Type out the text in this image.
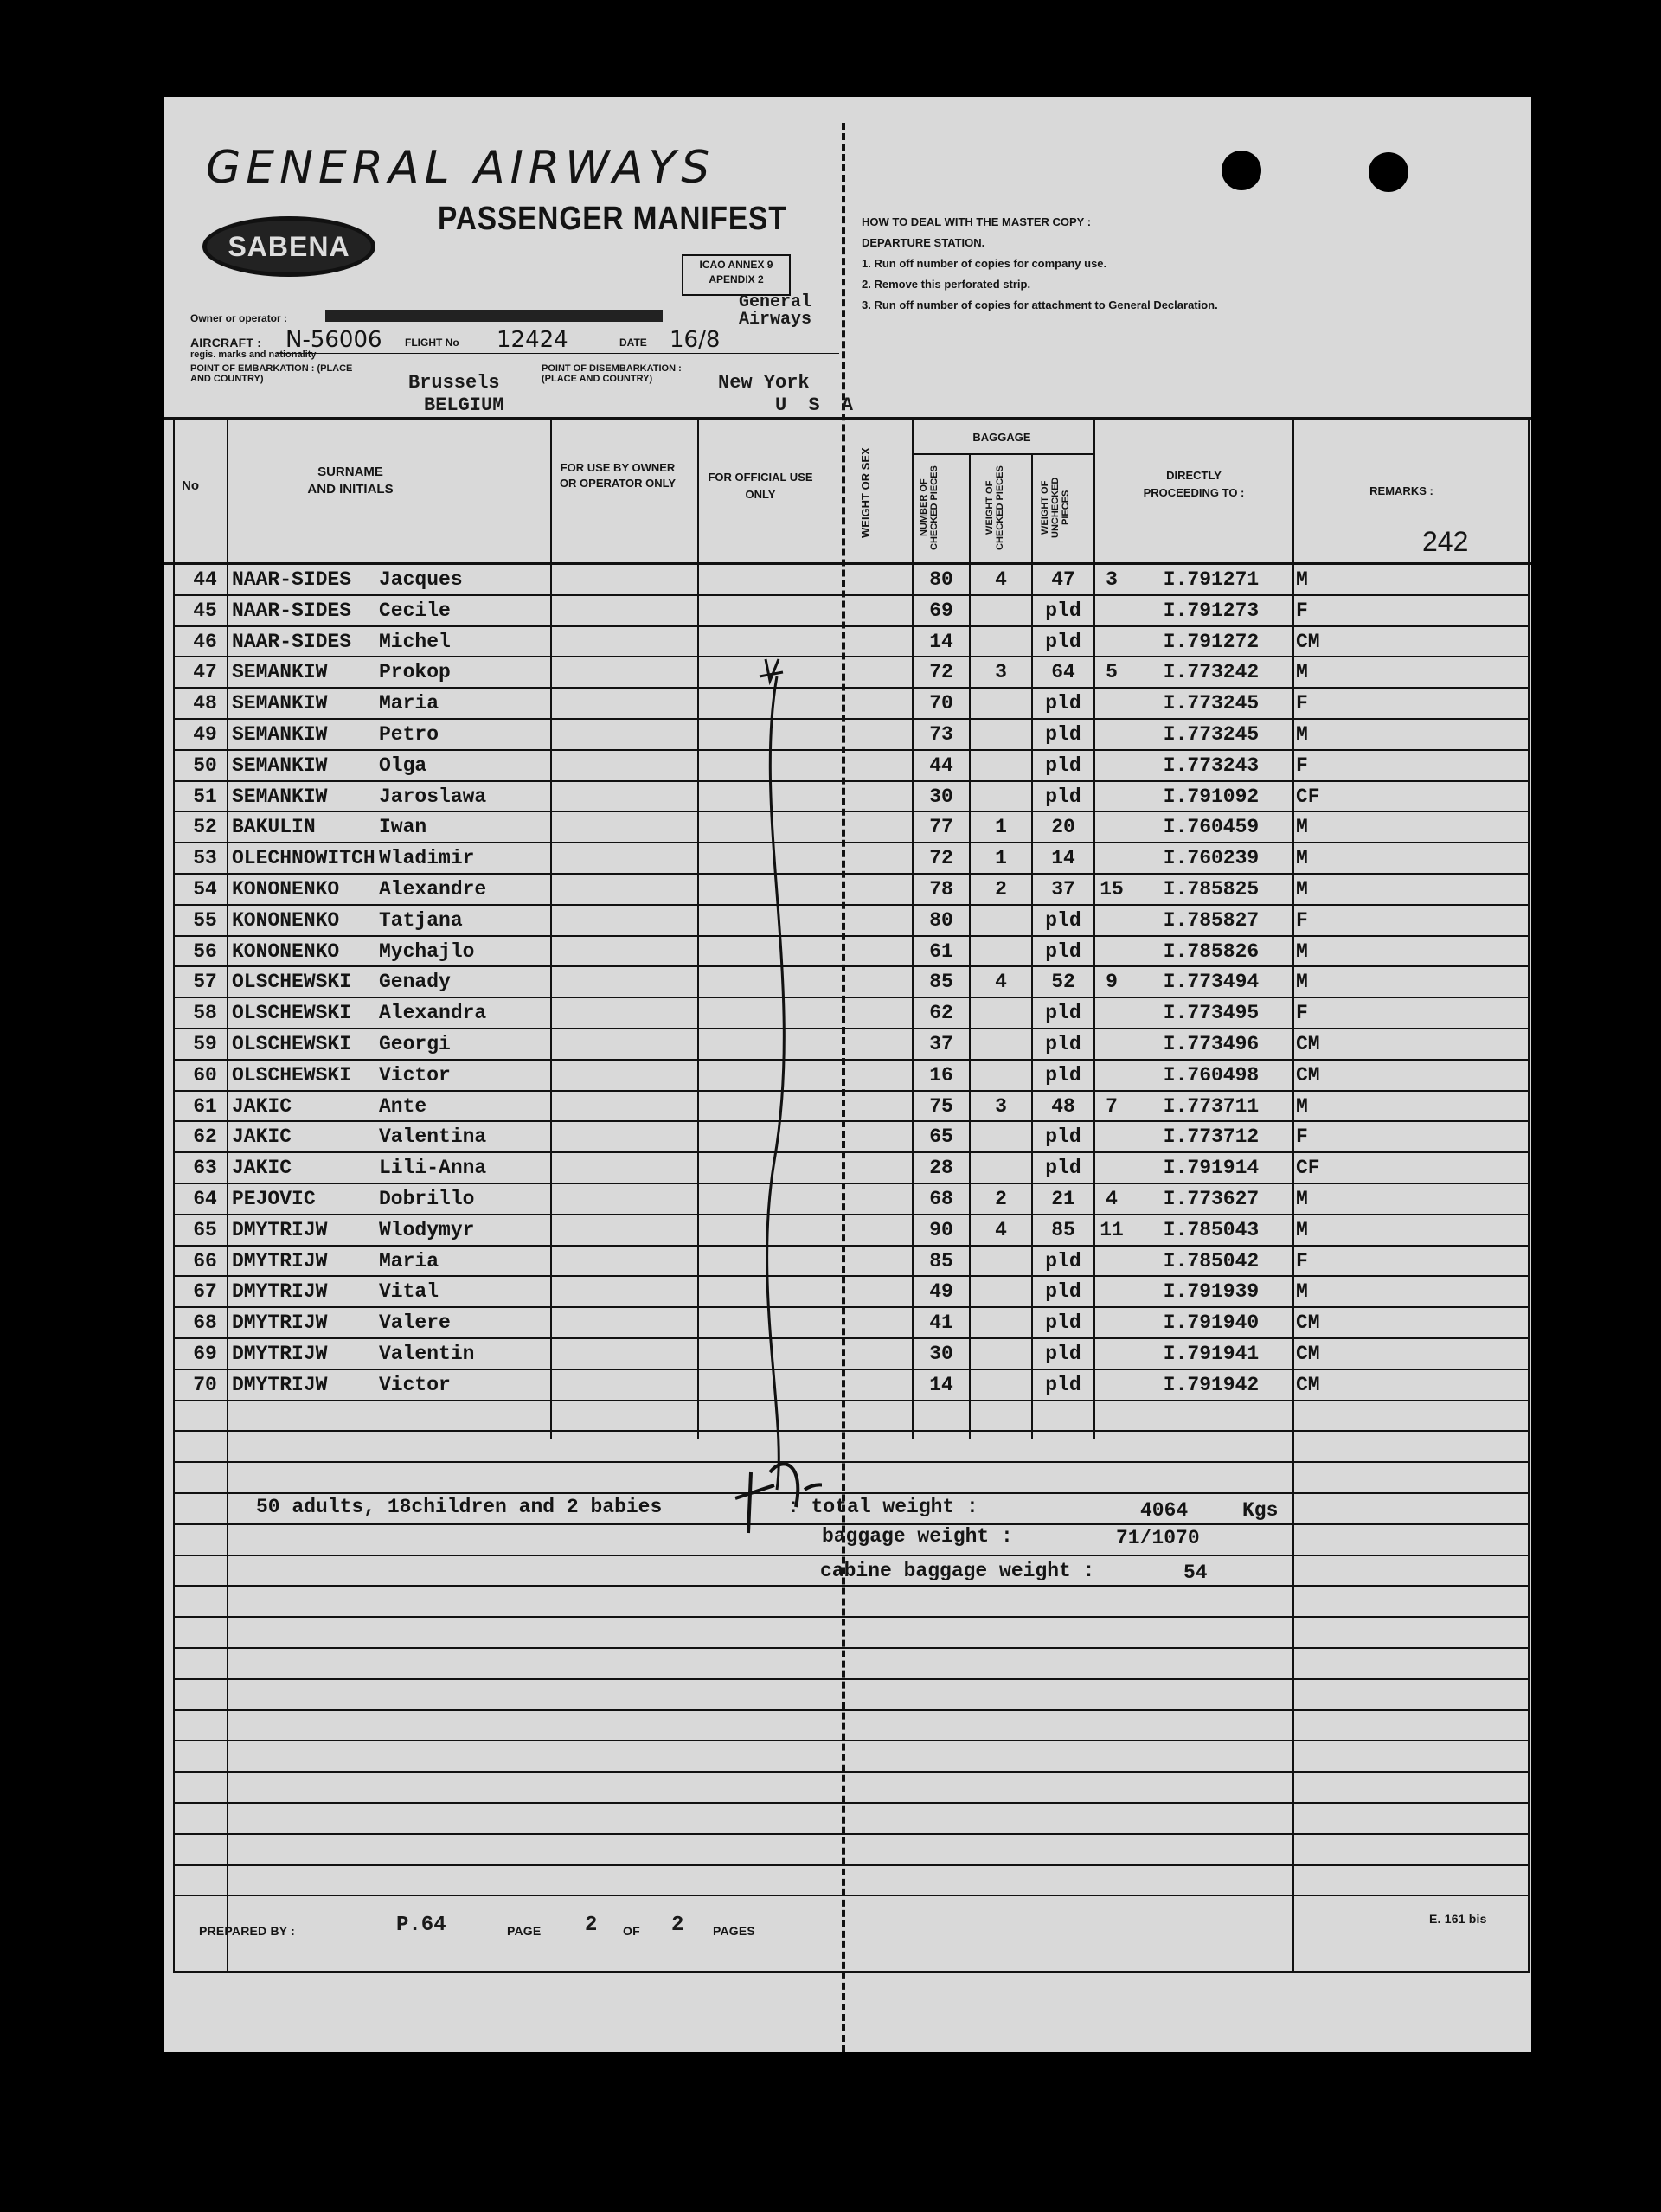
GENERAL AIRWAYS
SABENA
PASSENGER MANIFEST
ICAO ANNEX 9
APENDIX 2
Owner or operator :
General Airways
AIRCRAFT : N-56006 FLIGHT No 12424	DATE 16/8
regis. marks and nationality
POINT OF EMBARKATION : (PLACE AND COUNTRY)	Brussels
BELGIUM
POINT OF DISEMBARKATION : (PLACE AND COUNTRY)	New York
U S A
HOW TO DEAL WITH THE MASTER COPY :
DEPARTURE STATION.
1. Run off number of copies for company use.
2. Remove this perforated strip.
3. Run off number of copies for attachment to General Declaration.
No
SURNAME AND INITIALS
FOR USE BY OWNER OR OPERATOR ONLY	FOR OFFICIAL USE ONLY	WEIGHT OR SEX
BAGGAGE
NUMBER OF CHECKED PIECES	WEIGHT OF CHECKED PIECES	WEIGHT OF UNCHECKED PIECES
DIRECTLY PROCEEDING TO :	REMARKS :
242
44 NAAR-SIDES	Jacques	80	4	47	3	I.791271	M
45 NAAR-SIDES	Cecile	69	pld	I.791273	F
46 NAAR-SIDES	Michel	14	pld	I.791272	CM
47 SEMANKIW	Prokop	72	3	64	5	I.773242	M
48 SEMANKIW	Maria	70	pld	I.773245	F
49 SEMANKIW	Petro	73	pld	I.773245	M
50 SEMANKIW	Olga	44	pld	I.773243	F
51 SEMANKIW	Jaroslawa	30	pld	I.791092	CF
52 BAKULIN	Iwan	77	1	20	I.760459	M
53 OLECHNOWITCH Wladimir	72	1	14	I.760239	M
54 KONONENKO	Alexandre	78	2	37	15	I.785825	M
55 KONONENKO	Tatjana	80	pld	I.785827	F
56 KONONENKO	Mychajlo	61	pld	I.785826	M
57 OLSCHEWSKI	Genady	85	4	52	9	I.773494	M
58 OLSCHEWSKI	Alexandra	62	pld	I.773495	F
59 OLSCHEWSKI	Georgi	37	pld	I.773496	CM
60 OLSCHEWSKI	Victor	16	pld	I.760498	CM
61 JAKIC	Ante	75	3	48	7	I.773711	M
62 JAKIC	Valentina	65	pld	I.773712	F
63 JAKIC	Lili-Anna	28	pld	I.791914	CF
64 PEJOVIC	Dobrillo	68	2	21	4	I.773627	M
65 DMYTRIJW	Wlodymyr	90	4	85	11	I.785043	M
66 DMYTRIJW	Maria	85	pld	I.785042	F
67 DMYTRIJW	Vital	49	pld	I.791939	M
68 DMYTRIJW	Valere	41	pld	I.791940	CM
69 DMYTRIJW	Valentin	30	pld	I.791941	CM
70 DMYTRIJW	Victor	14	pld	I.791942	CM
50 adults, 18children and 2 babies	: total weight :	4064	Kgs
baggage weight :	71/1070
cabine baggage weight :	54
PREPARED BY :	P.64	PAGE 2 OF 2 PAGES
E. 161 bis
